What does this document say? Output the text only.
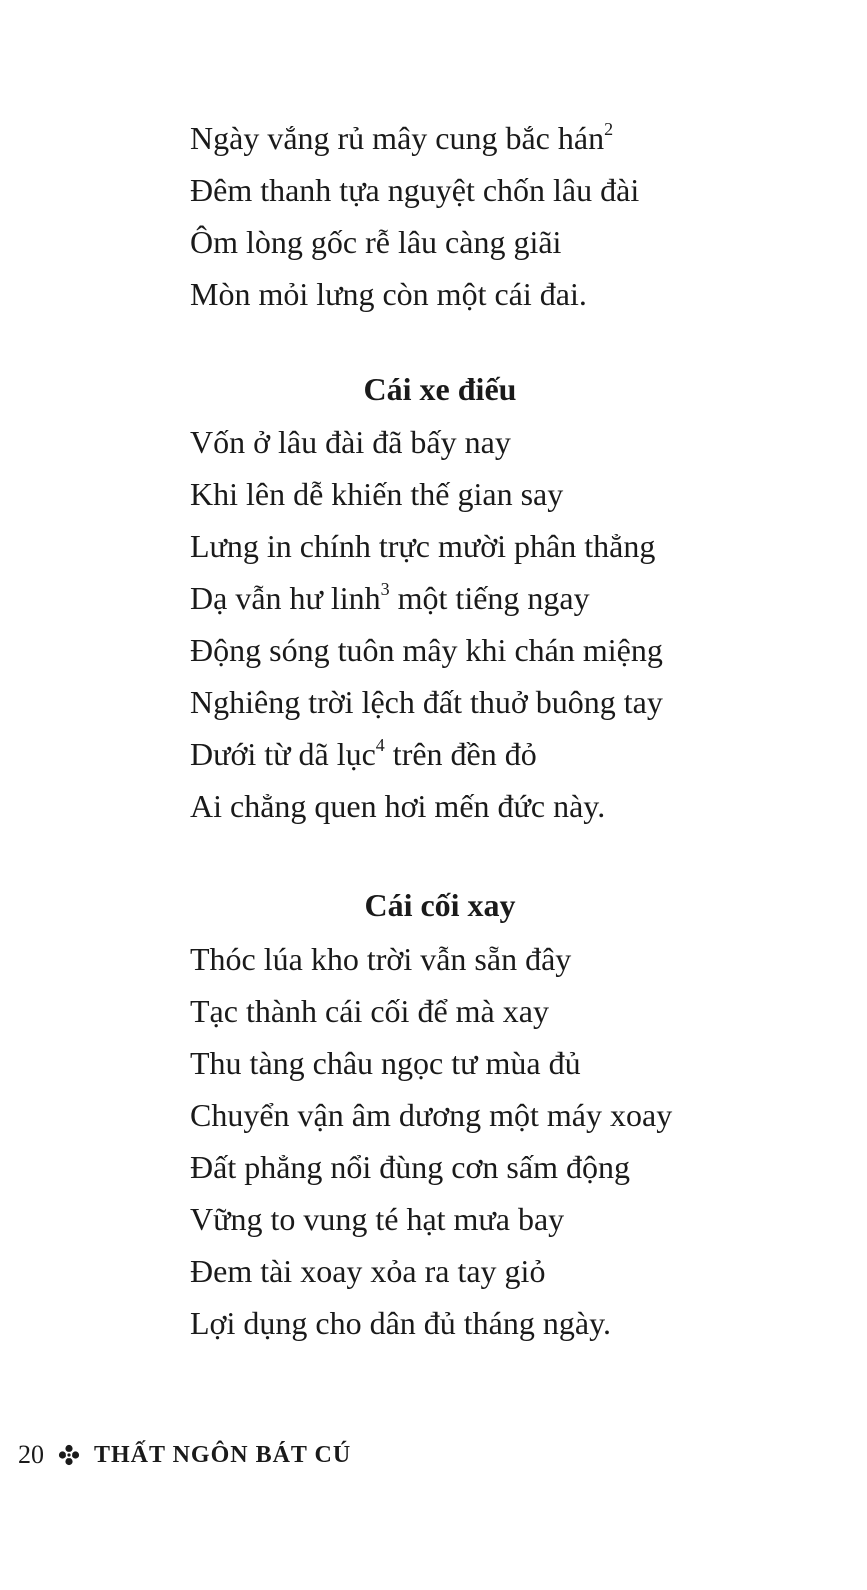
Ngày vắng rủ mây cung bắc hán$^2$
Đêm thanh tựa nguyệt chốn lâu đài
Ôm lòng gốc rễ lâu càng giãi
Mòn mỏi lưng còn một cái đai.
Cái xe điếu
Vốn ở lâu đài đã bấy nay
Khi lên dễ khiến thế gian say
Lưng in chính trực mười phân thẳng
Dạ vẫn hư linh$^3$ một tiếng ngay
Động sóng tuôn mây khi chán miệng
Nghiêng trời lệch đất thuở buông tay
Dưới từ dã lục$^4$ trên đền đỏ
Ai chẳng quen hơi mến đức này.
Cái cối xay
Thóc lúa kho trời vẫn sẵn đây
Tạc thành cái cối để mà xay
Thu tàng châu ngọc tư mùa đủ
Chuyển vận âm dương một máy xoay
Đất phẳng nổi đùng cơn sấm động
Vững to vung té hạt mưa bay
Đem tài xoay xỏa ra tay giỏ
Lợi dụng cho dân đủ tháng ngày.
20 THẤT NGÔN BÁT CÚ
